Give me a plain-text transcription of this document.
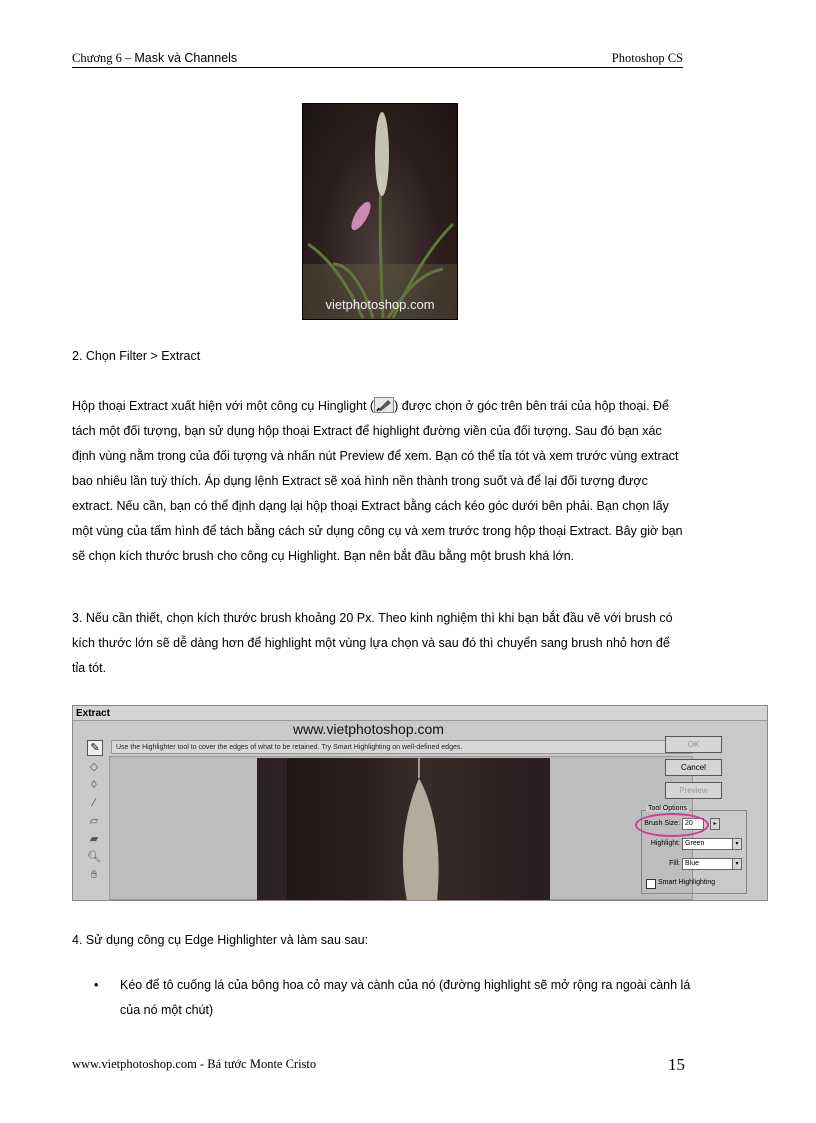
Chương 6 – Mask và Channels	Photoshop CS
vietphotoshop.com
2. Chọn Filter > Extract
Hộp thoại Extract xuất hiện với một công cụ Hinglight ( ) được chọn ở góc trên bên trái của hộp thoại. Để tách một đối tượng, bạn sử dụng hộp thoại Extract để highlight đường viền của đối tượng. Sau đó bạn xác định vùng nằm trong của đối tượng và nhấn nút Preview để xem. Bạn có thể tỉa tót và xem trước vùng extract bao nhiêu lần tuỳ thích. Áp dụng lệnh Extract sẽ xoá hình nền thành trong suốt và để lại đối tượng được extract. Nếu cần, bạn có thể định dạng lại hộp thoại Extract bằng cách kéo góc dưới bên phải. Bạn chọn lấy một vùng của tấm hình để tách bằng cách sử dụng công cụ và xem trước trong hộp thoại Extract. Bây giờ bạn sẽ chọn kích thước brush cho công cụ Highlight. Bạn nên bắt đầu bằng một brush khá lớn.
3. Nếu cần thiết, chọn kích thước brush khoảng 20 Px. Theo kinh nghiệm thì khi bạn bắt đầu vẽ với brush có kích thước lớn sẽ dễ dàng hơn để highlight một vùng lựa chọn và sau đó thì chuyển sang brush nhỏ hơn để tỉa tót.
Extract
www.vietphotoshop.com
Use the Highlighter tool to cover the edges of what to be retained. Try Smart Highlighting on well-defined edges.
✎
◇
◊
⁄
▱
▰
🔍︎
✋︎
OK
Cancel
Preview
Tool Options
Brush Size: 20	▸
Highlight: Green	▾
Fill: Blue	▾
Smart Highlighting
4. Sử dụng công cụ Edge Highlighter và làm sau sau:
• Kéo để tô cuống lá của bông hoa cỏ may và cành của nó (đường highlight sẽ mở rộng ra ngoài cành lá của nó một chút)
www.vietphotoshop.com - Bá tước Monte Cristo	15
